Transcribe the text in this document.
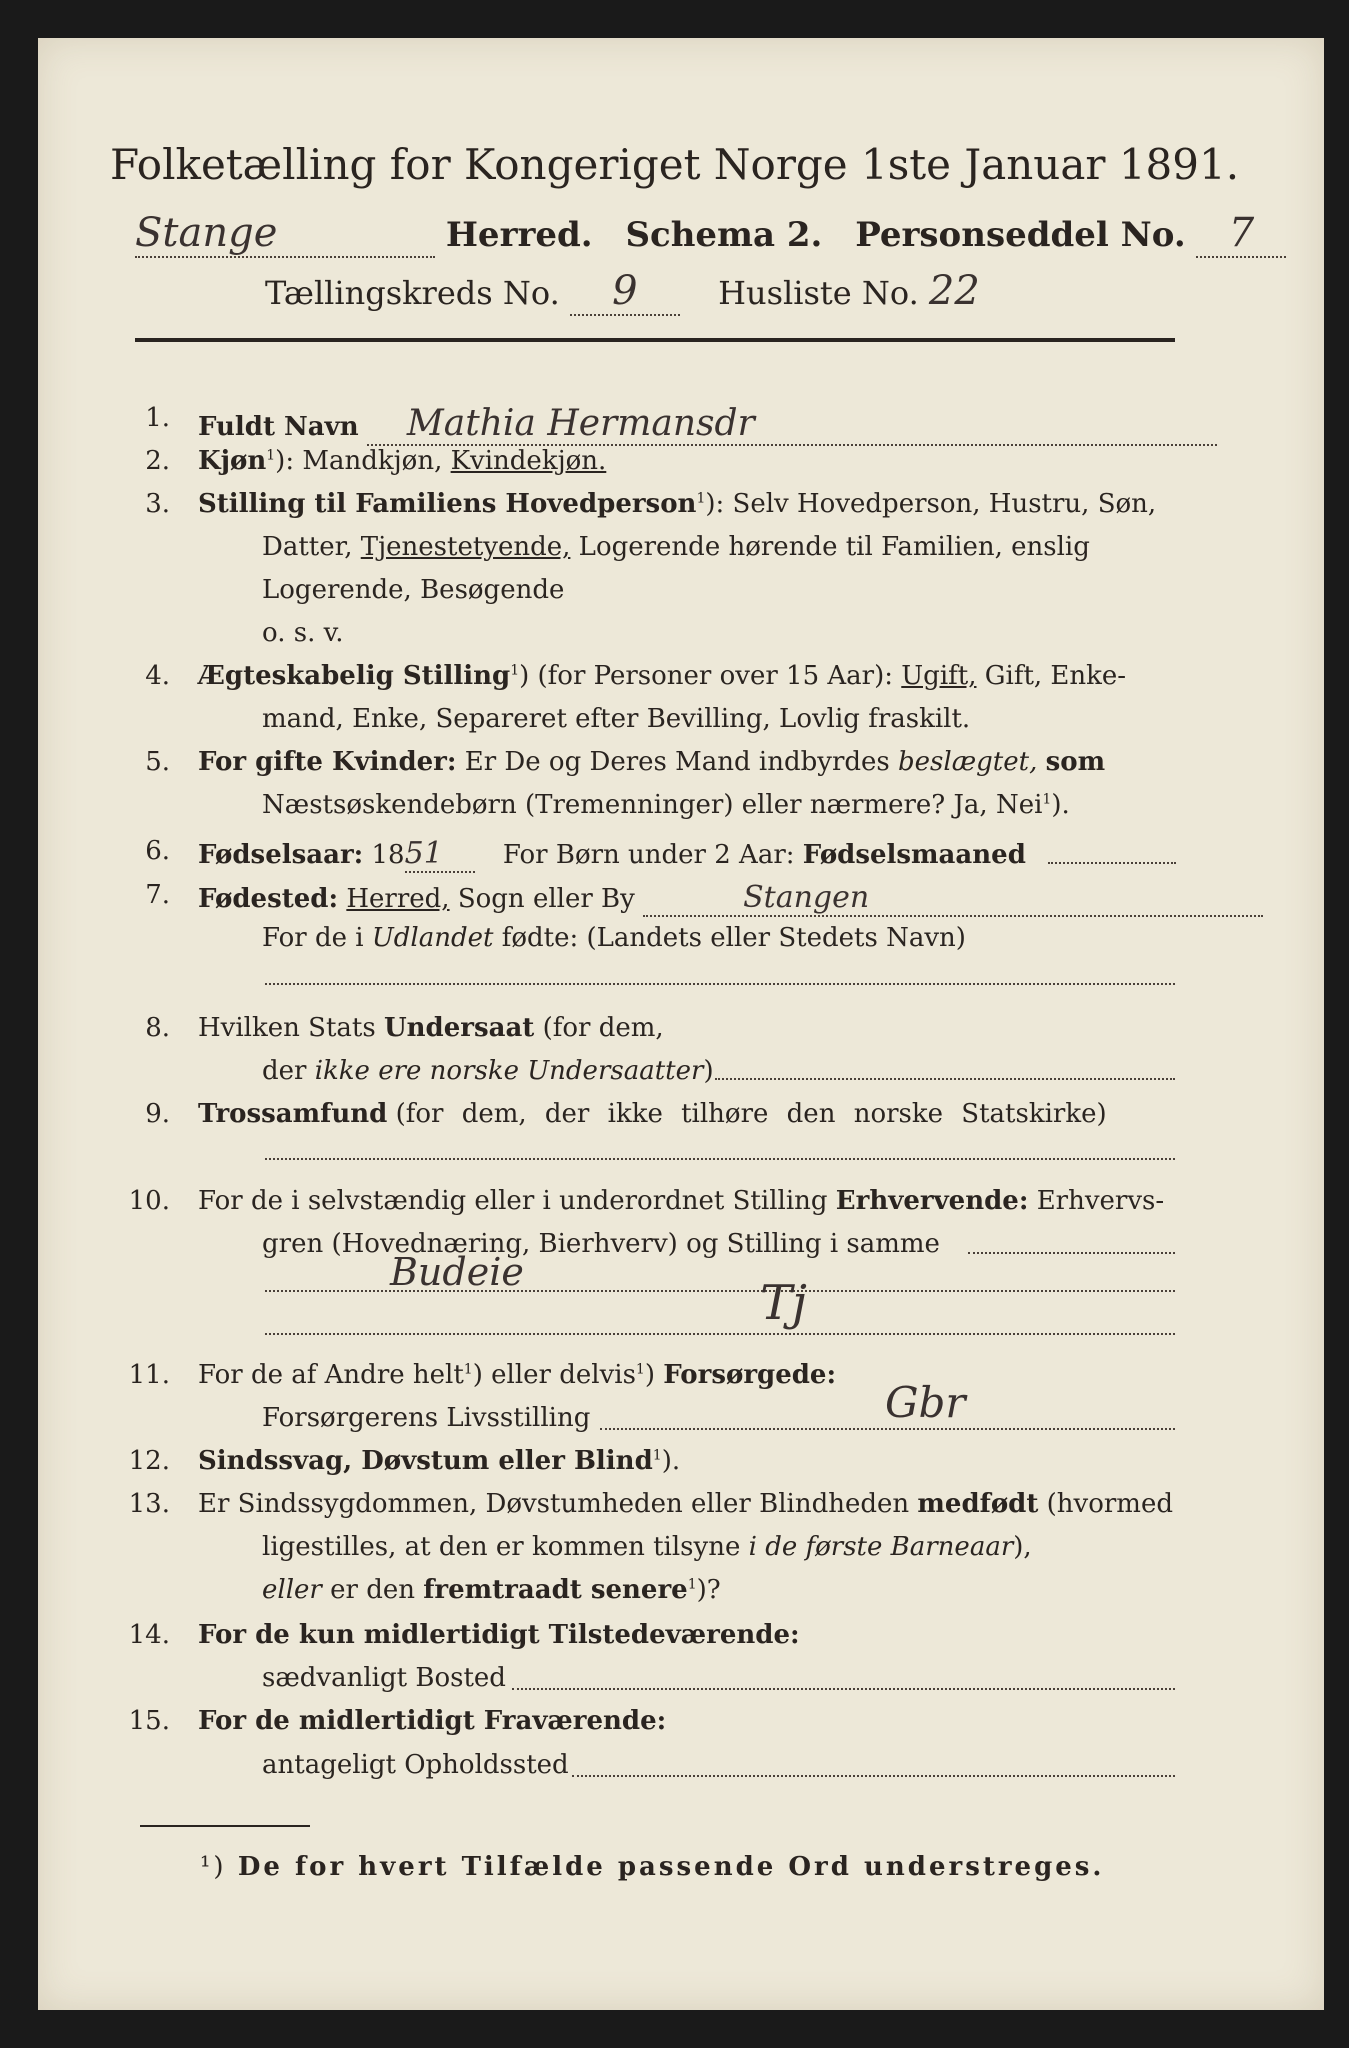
Folketælling for Kongeriget Norge 1ste Januar 1891.
Stange	Herred. Schema 2. Personseddel No. 7
Tællingskreds No. 9	Husliste No. 22
1. Fuldt Navn Mathia Hermansdr
2. Kjøn$^1$): Mandkjøn, Kvindekjøn.
3. Stilling til Familiens Hovedperson$^1$): Selv Hovedperson, Hustru, Søn,
Datter, Tjenestetyende, Logerende hørende til Familien, enslig
Logerende, Besøgende
o. s. v.
4. Ægteskabelig Stilling$^1$) (for Personer over 15 Aar): Ugift, Gift, Enke-
mand, Enke, Separeret efter Bevilling, Lovlig fraskilt.
5. For gifte Kvinder: Er De og Deres Mand indbyrdes beslægtet, som
Næstsøskendebørn (Tremenninger) eller nærmere? Ja, Nei$^1$).
6. Fødselsaar: 1851 For Børn under 2 Aar: Fødselsmaaned
7. Fødested: Herred, Sogn eller By	Stangen
For de i Udlandet fødte: (Landets eller Stedets Navn)
8. Hvilken Stats Undersaat (for dem,
der ikke ere norske Undersaatter)
9. Trossamfund (for dem, der ikke tilhøre den norske Statskirke)
10. For de i selvstændig eller i underordnet Stilling Erhvervende: Erhvervs-
gren (Hovednæring, Bierhverv) og Stilling i samme
Budeie
Tj
11. For de af Andre helt$^1$) eller delvis$^1$) Forsørgede:
Forsørgerens Livsstilling	Gbr
12. Sindssvag, Døvstum eller Blind$^1$).
13. Er Sindssygdommen, Døvstumheden eller Blindheden medfødt (hvormed
ligestilles, at den er kommen tilsyne i de første Barneaar),
eller er den fremtraadt senere$^1$)?
14. For de kun midlertidigt Tilstedeværende:
sædvanligt Bosted
15. For de midlertidigt Fraværende:
antageligt Opholdssted
¹) De for hvert Tilfælde passende Ord understreges.
